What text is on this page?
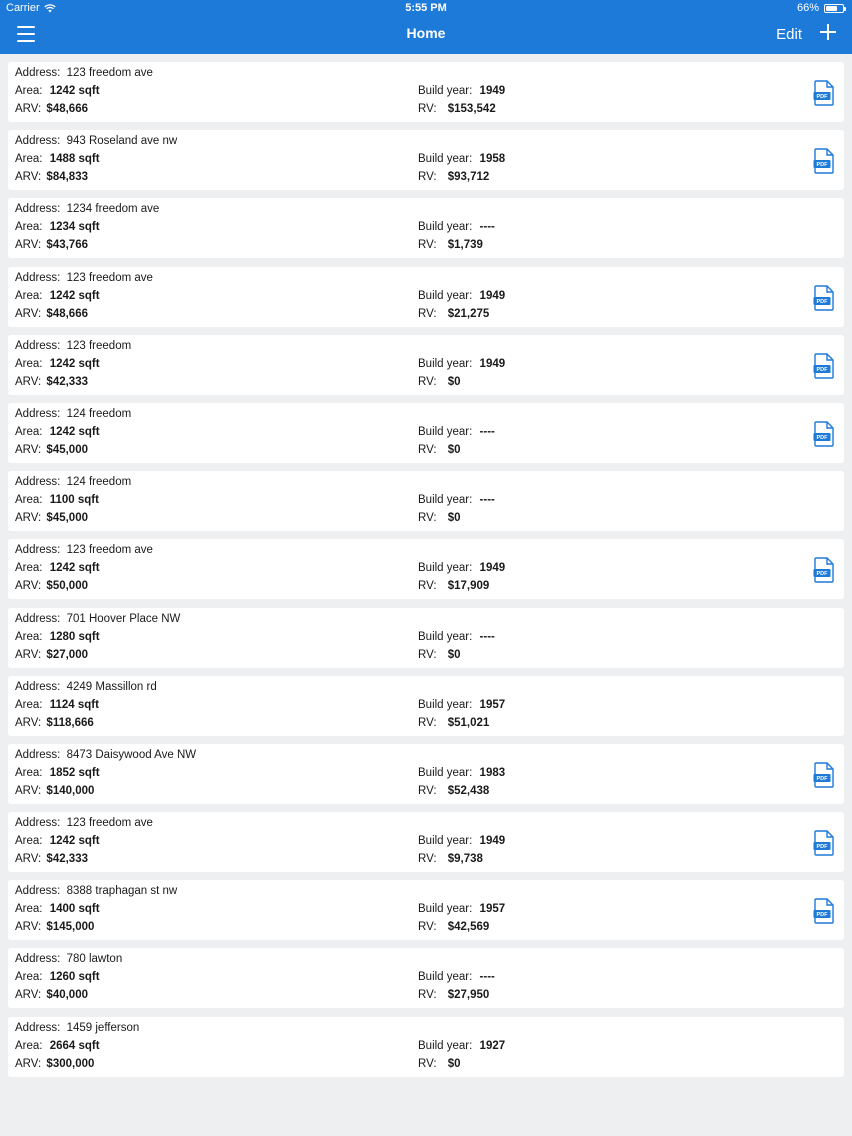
Carrier	5:55 PM	66%
Home	Edit
Address: 123 freedom ave
Area: 1242 sqft
ARV: $48,666
Build year: 1949
RV: $153,542
PDF
Address: 943 Roseland ave nw
Area: 1488 sqft
ARV: $84,833
Build year: 1958
RV: $93,712
PDF
Address: 1234 freedom ave
Area: 1234 sqft
ARV: $43,766
Build year: ----
RV: $1,739
Address: 123 freedom ave
Area: 1242 sqft
ARV: $48,666
Build year: 1949
RV: $21,275
PDF
Address: 123 freedom
Area: 1242 sqft
ARV: $42,333
Build year: 1949
RV: $0
PDF
Address: 124 freedom
Area: 1242 sqft
ARV: $45,000
Build year: ----
RV: $0
PDF
Address: 124 freedom
Area: 1100 sqft
ARV: $45,000
Build year: ----
RV: $0
Address: 123 freedom ave
Area: 1242 sqft
ARV: $50,000
Build year: 1949
RV: $17,909
PDF
Address: 701 Hoover Place NW
Area: 1280 sqft
ARV: $27,000
Build year: ----
RV: $0
Address: 4249 Massillon rd
Area: 1124 sqft
ARV: $118,666
Build year: 1957
RV: $51,021
Address: 8473 Daisywood Ave NW
Area: 1852 sqft
ARV: $140,000
Build year: 1983
RV: $52,438
PDF
Address: 123 freedom ave
Area: 1242 sqft
ARV: $42,333
Build year: 1949
RV: $9,738
PDF
Address: 8388 traphagan st nw
Area: 1400 sqft
ARV: $145,000
Build year: 1957
RV: $42,569
PDF
Address: 780 lawton
Area: 1260 sqft
ARV: $40,000
Build year: ----
RV: $27,950
Address: 1459 jefferson
Area: 2664 sqft
ARV: $300,000
Build year: 1927
RV: $0
